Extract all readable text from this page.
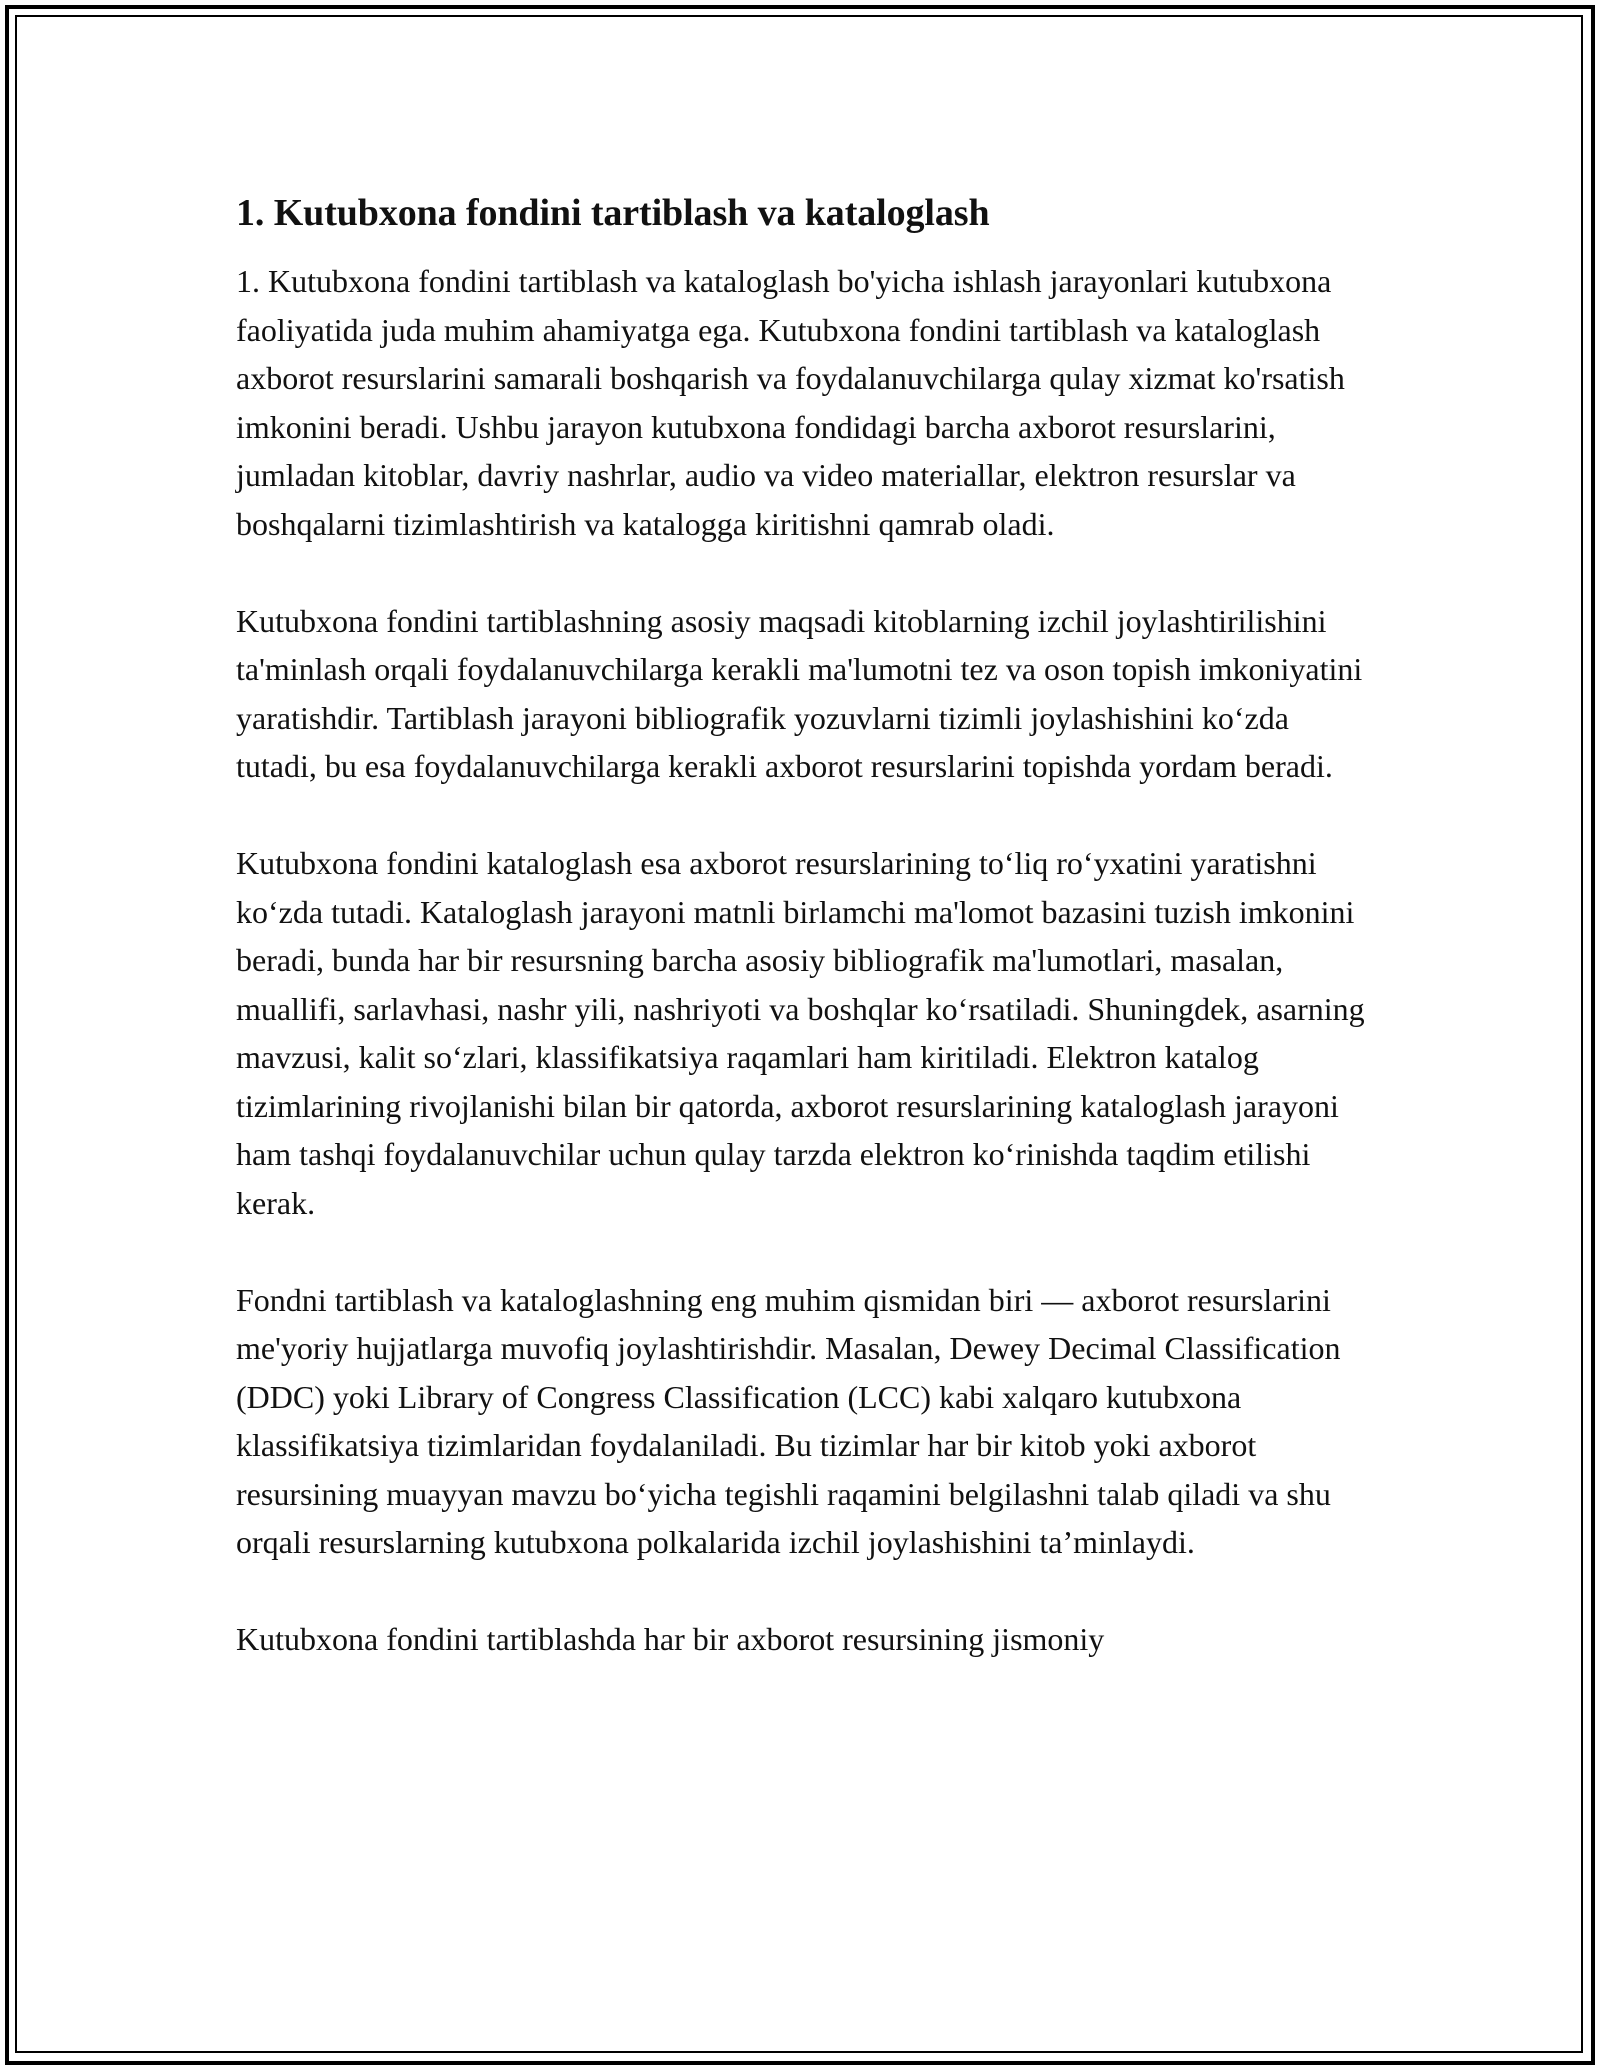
1. Kutubxona fondini tartiblash va kataloglash

1. Kutubxona fondini tartiblash va kataloglash bo'yicha ishlash jarayonlari kutubxona faoliyatida juda muhim ahamiyatga ega. Kutubxona fondini tartiblash va kataloglash axborot resurslarini samarali boshqarish va foydalanuvchilarga qulay xizmat ko'rsatish imkonini beradi. Ushbu jarayon kutubxona fondidagi barcha axborot resurslarini, jumladan kitoblar, davriy nashrlar, audio va video materiallar, elektron resurslar va boshqalarni tizimlashtirish va katalogga kiritishni qamrab oladi.

Kutubxona fondini tartiblashning asosiy maqsadi kitoblarning izchil joylashtirilishini ta'minlash orqali foydalanuvchilarga kerakli ma'lumotni tez va oson topish imkoniyatini yaratishdir. Tartiblash jarayoni bibliografik yozuvlarni tizimli joylashishini ko‘zda tutadi, bu esa foydalanuvchilarga kerakli axborot resurslarini topishda yordam beradi.

Kutubxona fondini kataloglash esa axborot resurslarining to‘liq ro‘yxatini yaratishni ko‘zda tutadi. Kataloglash jarayoni matnli birlamchi ma'lomot bazasini tuzish imkonini beradi, bunda har bir resursning barcha asosiy bibliografik ma'lumotlari, masalan, muallifi, sarlavhasi, nashr yili, nashriyoti va boshqlar ko‘rsatiladi. Shuningdek, asarning mavzusi, kalit so‘zlari, klassifikatsiya raqamlari ham kiritiladi. Elektron katalog tizimlarining rivojlanishi bilan bir qatorda, axborot resurslarining kataloglash jarayoni ham tashqi foydalanuvchilar uchun qulay tarzda elektron ko‘rinishda taqdim etilishi kerak.

Fondni tartiblash va kataloglashning eng muhim qismidan biri — axborot resurslarini me'yoriy hujjatlarga muvofiq joylashtirishdir. Masalan, Dewey Decimal Classification (DDC) yoki Library of Congress Classification (LCC) kabi xalqaro kutubxona klassifikatsiya tizimlaridan foydalaniladi. Bu tizimlar har bir kitob yoki axborot resursining muayyan mavzu bo‘yicha tegishli raqamini belgilashni talab qiladi va shu orqali resurslarning kutubxona polkalarida izchil joylashishini ta’minlaydi.

Kutubxona fondini tartiblashda har bir axborot resursining jismoniy
